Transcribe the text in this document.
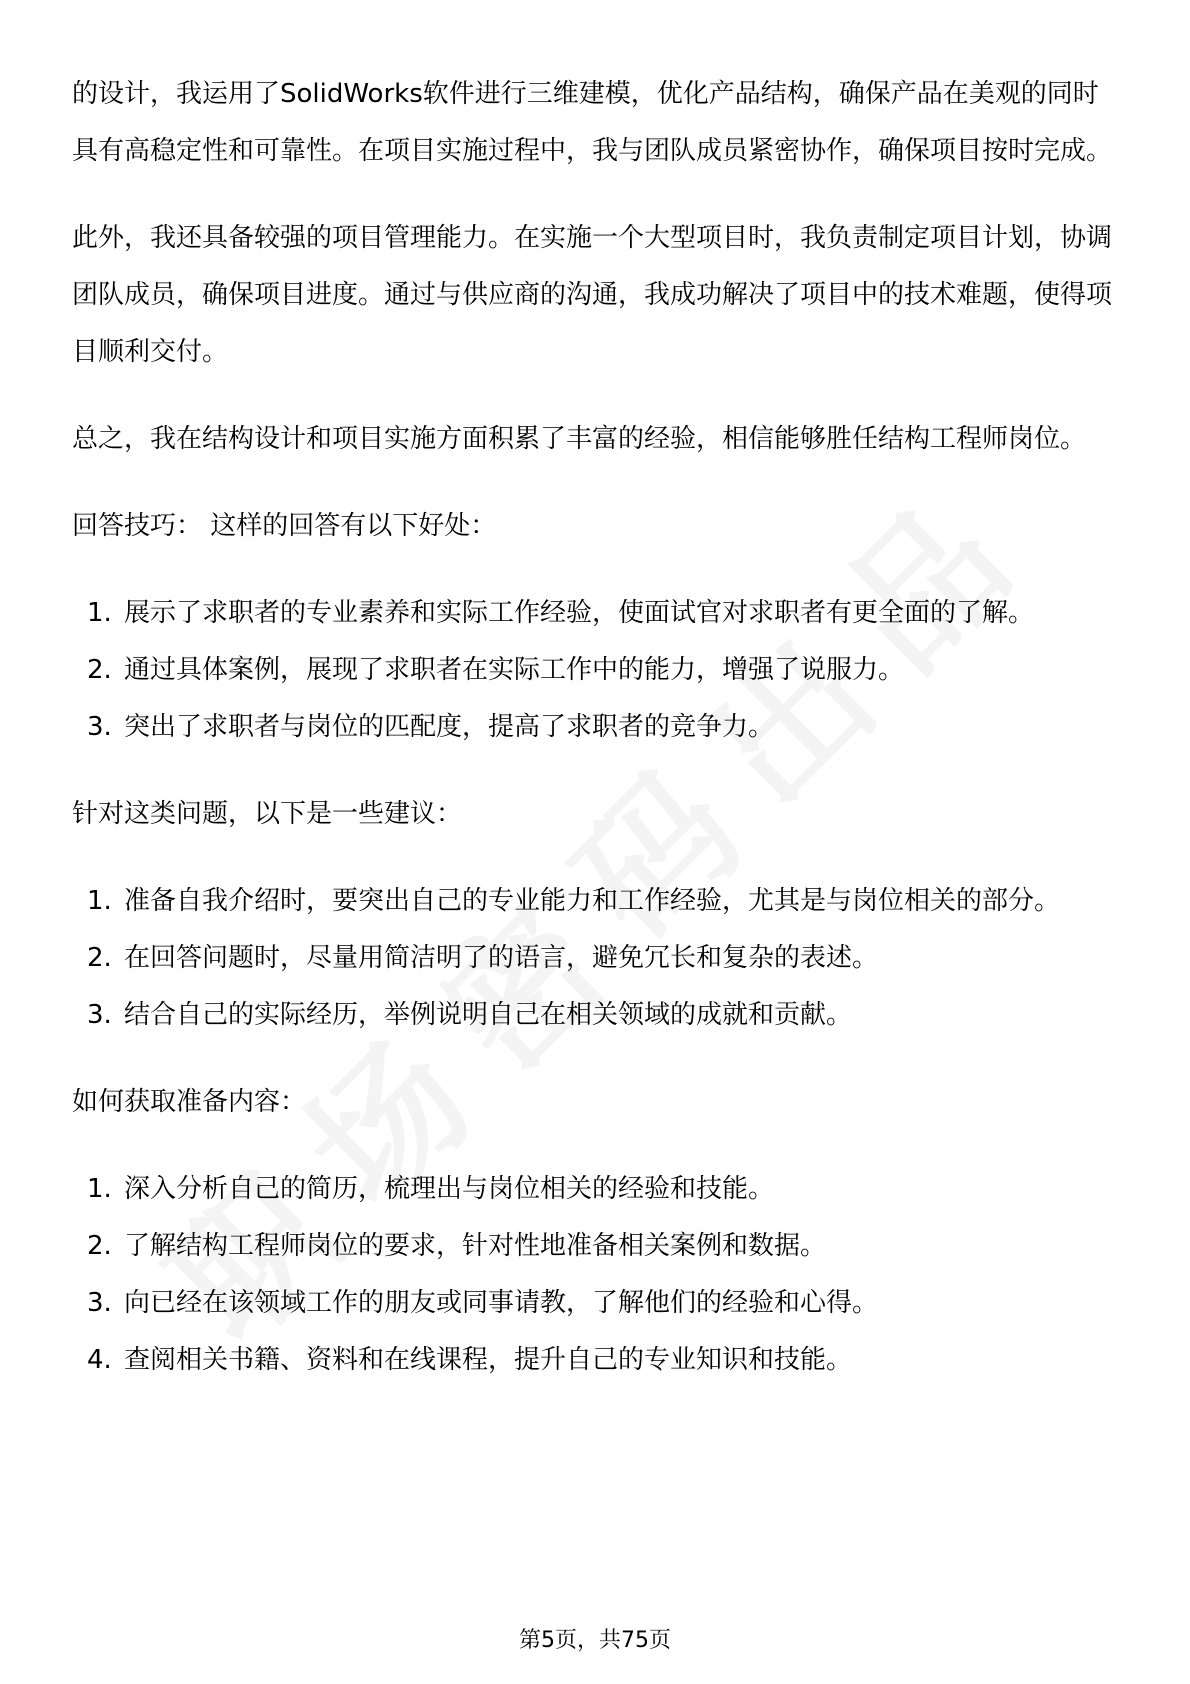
的设计，我运用了SolidWorks软件进行三维建模，优化产品结构，确保产品在美观的同时具有高稳定性和可靠性。在项目实施过程中，我与团队成员紧密协作，确保项目按时完成。

此外，我还具备较强的项目管理能力。在实施一个大型项目时，我负责制定项目计划，协调团队成员，确保项目进度。通过与供应商的沟通，我成功解决了项目中的技术难题，使得项目顺利交付。

总之，我在结构设计和项目实施方面积累了丰富的经验，相信能够胜任结构工程师岗位。

回答技巧： 这样的回答有以下好处：

1. 展示了求职者的专业素养和实际工作经验，使面试官对求职者有更全面的了解。
2. 通过具体案例，展现了求职者在实际工作中的能力，增强了说服力。
3. 突出了求职者与岗位的匹配度，提高了求职者的竞争力。

针对这类问题，以下是一些建议：

1. 准备自我介绍时，要突出自己的专业能力和工作经验，尤其是与岗位相关的部分。
2. 在回答问题时，尽量用简洁明了的语言，避免冗长和复杂的表述。
3. 结合自己的实际经历，举例说明自己在相关领域的成就和贡献。

如何获取准备内容：

1. 深入分析自己的简历，梳理出与岗位相关的经验和技能。
2. 了解结构工程师岗位的要求，针对性地准备相关案例和数据。
3. 向已经在该领域工作的朋友或同事请教，了解他们的经验和心得。
4. 查阅相关书籍、资料和在线课程，提升自己的专业知识和技能。
第5页，共75页
